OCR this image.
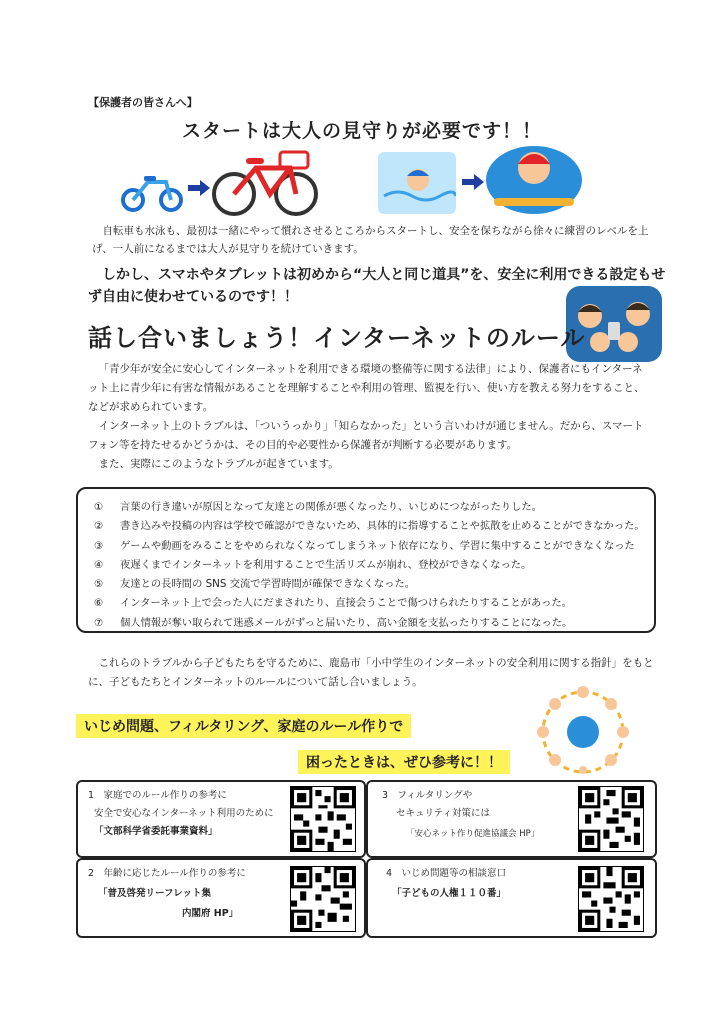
【保護者の皆さんへ】
スタートは大人の見守りが必要です！！
自転車も水泳も、最初は一緒にやって慣れさせるところからスタートし、安全を保ちながら徐々に練習のレベルを上げ、一人前になるまでは大人が見守りを続けていきます。
しかし、スマホやタブレットは初めから“大人と同じ道具”を、安全に利用できる設定もせず自由に使わせているのです！！
話し合いましょう！インターネットのルール
「青少年が安全に安心してインターネットを利用できる環境の整備等に関する法律」により、保護者にもインターネット上に青少年に有害な情報があることを理解することや利用の管理、監視を行い、使い方を教える努力をすること、などが求められています。
インターネット上のトラブルは、「ついうっかり」「知らなかった」という言いわけが通じません。だから、スマートフォン等を持たせるかどうかは、その目的や必要性から保護者が判断する必要があります。
また、実際にこのようなトラブルが起きています。
①	言葉の行き違いが原因となって友達との関係が悪くなったり、いじめにつながったりした。
②	書き込みや投稿の内容は学校で確認ができないため、具体的に指導することや拡散を止めることができなかった。
③	ゲームや動画をみることをやめられなくなってしまうネット依存になり、学習に集中することができなくなった
④	夜遅くまでインターネットを利用することで生活リズムが崩れ、登校ができなくなった。
⑤	友達との長時間の SNS 交流で学習時間が確保できなくなった。
⑥	インターネット上で会った人にだまされたり、直接会うことで傷つけられたりすることがあった。
⑦	個人情報が奪い取られて迷惑メールがずっと届いたり、高い金額を支払ったりすることになった。
これらのトラブルから子どもたちを守るために、鹿島市「小中学生のインターネットの安全利用に関する指針」をもとに、子どもたちとインターネットのルールについて話し合いましょう。
いじめ問題、フィルタリング、家庭のルール作りで
困ったときは、ぜひ参考に！！
1　家庭でのルール作りの参考に
安全で安心なインターネット利用のために
「文部科学省委託事業資料」
3　フィルタリングや
セキュリティ対策には
「安心ネット作り促進協議会 HP」
2　年齢に応じたルール作りの参考に
「普及啓発リーフレット集
内閣府 HP」
4　いじめ問題等の相談窓口
「子どもの人権１１０番」
